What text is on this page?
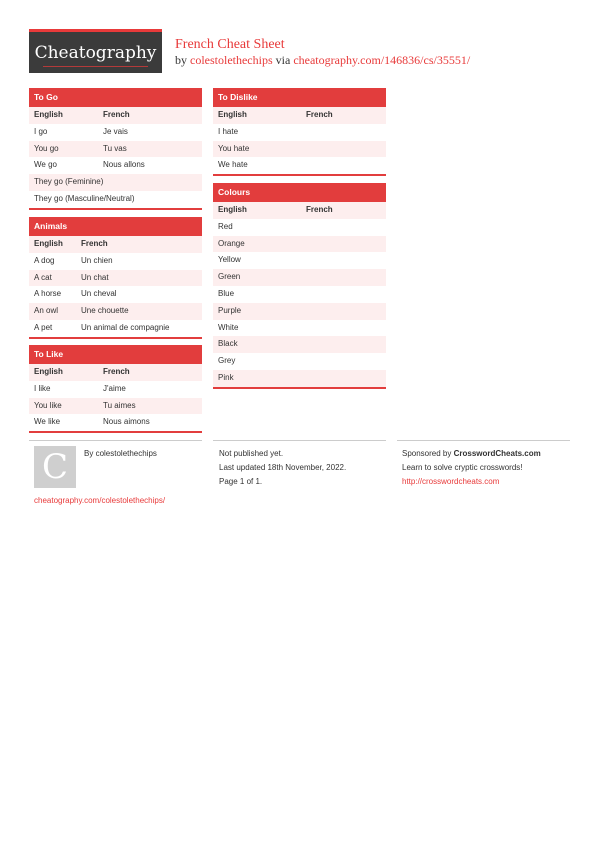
Cheatography French Cheat Sheet
by colestolethechips via cheatography.com/146836/cs/35551/
To Go
English	French
I go	Je vais
You go	Tu vas
We go	Nous allons
They go (Feminine)
They go (Masculine/Neutral)
Animals
English	French
A dog	Un chien
A cat	Un chat
A horse	Un cheval
An owl	Une chouette
A pet	Un animal de compagnie
To Like
English	French
I like	J'aime
You like	Tu aimes
We like	Nous aimons
To Dislike
English	French
I hate
You hate
We hate
Colours
English	French
Red
Orange
Yellow
Green
Blue
Purple
White
Black
Grey
Pink
C By colestolethechips
cheatography.com/colestolethechips/
Not published yet.
Last updated 18th November, 2022.
Page 1 of 1.
Sponsored by CrosswordCheats.com
Learn to solve cryptic crosswords!
http://crosswordcheats.com
